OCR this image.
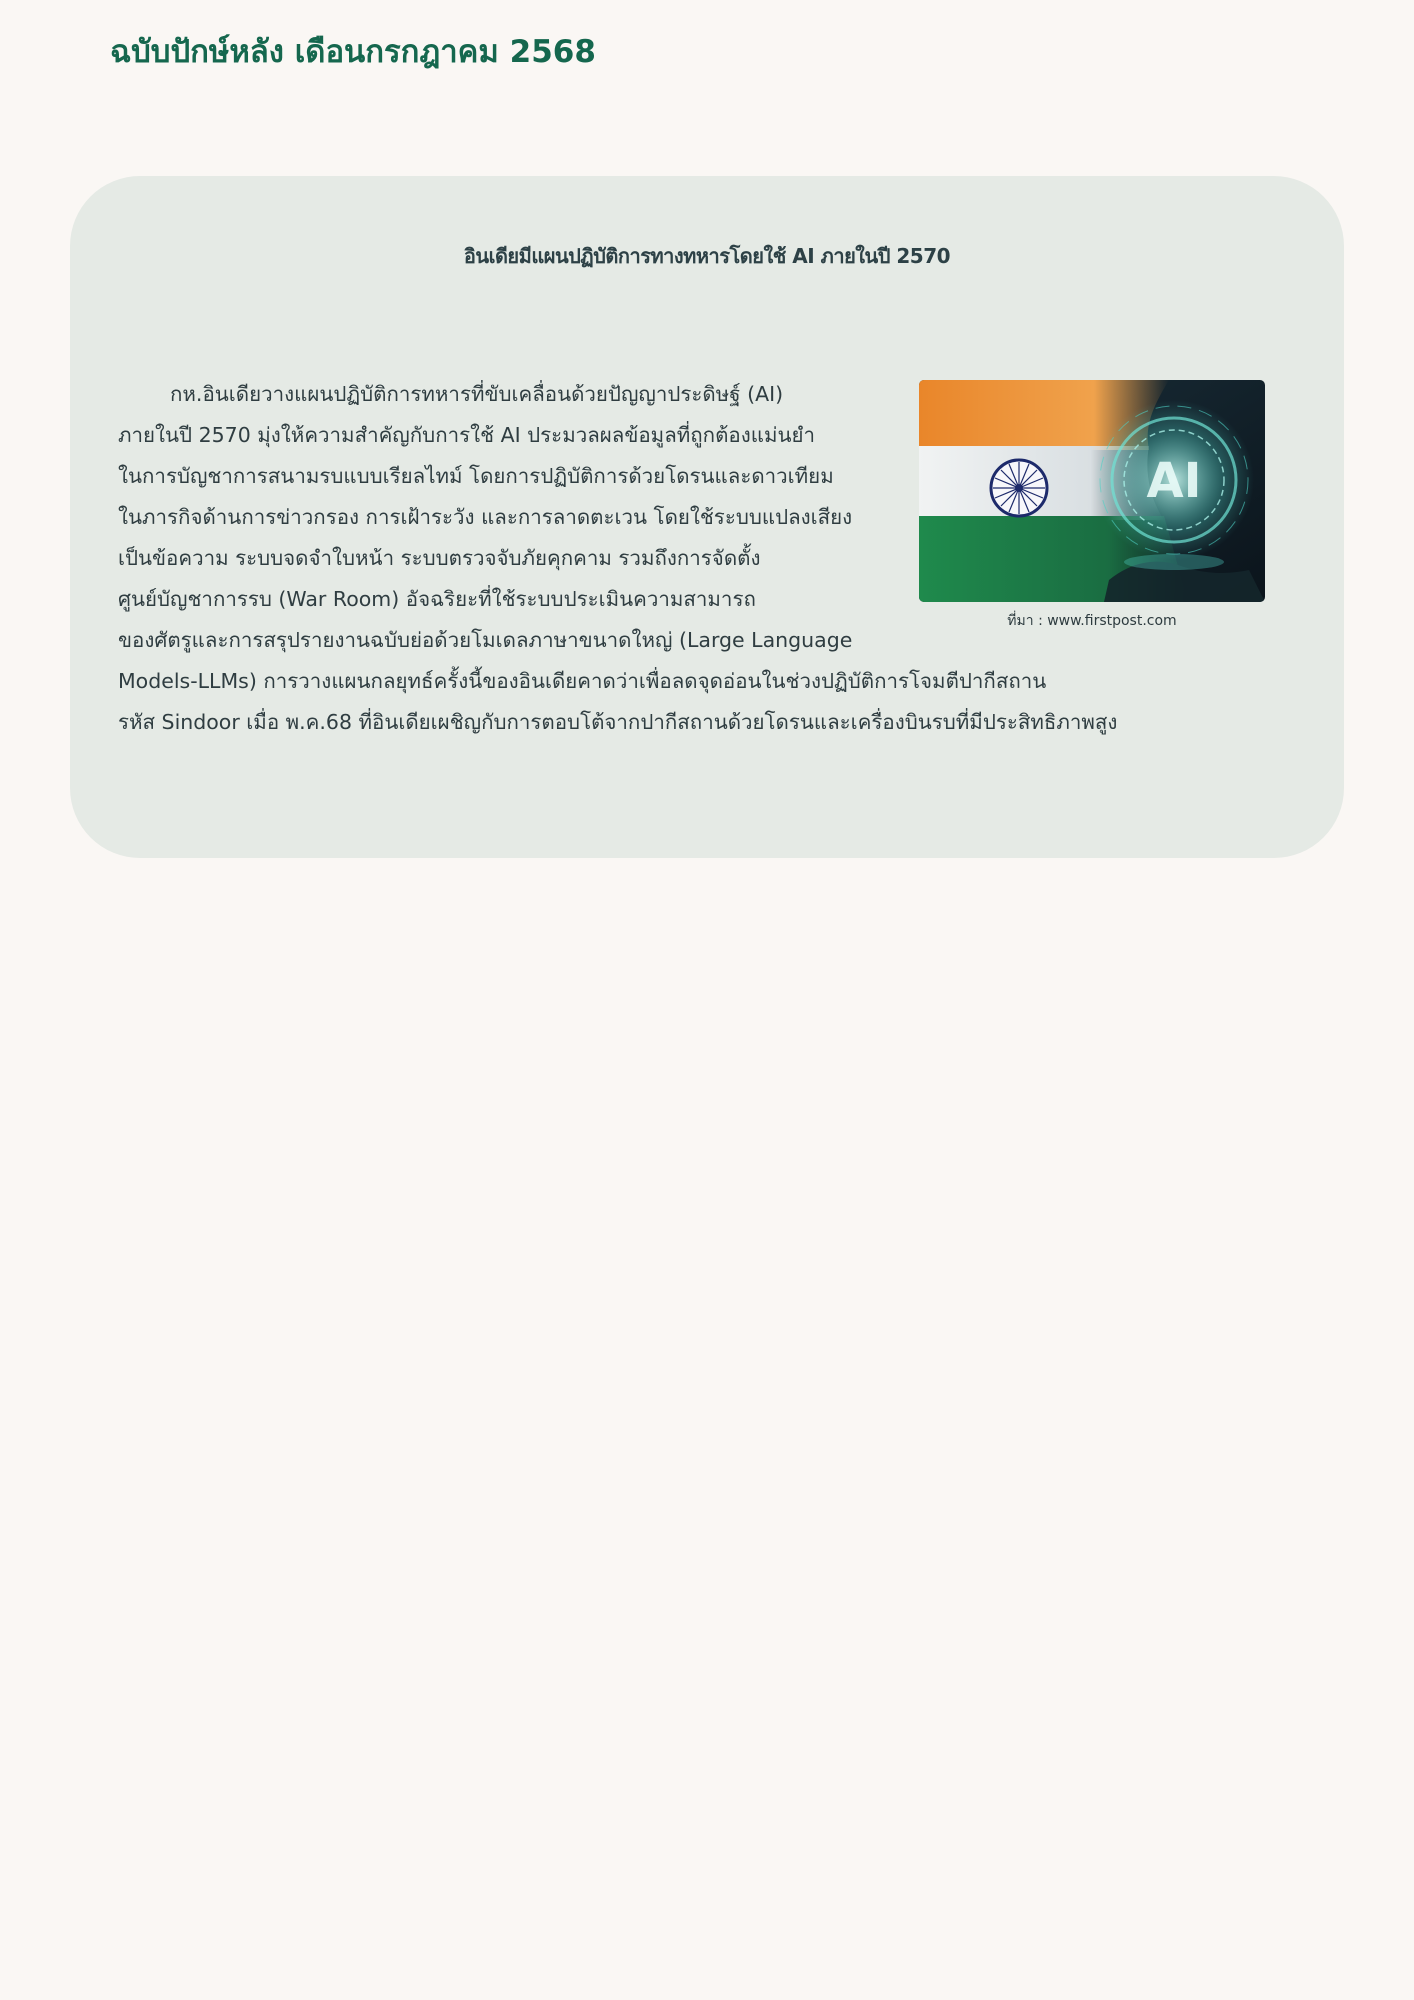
ฉบับปักษ์หลัง เดือนกรกฎาคม 2568
อินเดียมีแผนปฏิบัติการทางทหารโดยใช้ AI ภายในปี 2570
AI
ที่มา : www.firstpost.com
กห.อินเดียวางแผนปฏิบัติการทหารที่ขับเคลื่อนด้วยปัญญาประดิษฐ์ (AI)
ภายในปี 2570 มุ่งให้ความสำคัญกับการใช้ AI ประมวลผลข้อมูลที่ถูกต้องแม่นยำ
ในการบัญชาการสนามรบแบบเรียลไทม์ โดยการปฏิบัติการด้วยโดรนและดาวเทียม
ในภารกิจด้านการข่าวกรอง การเฝ้าระวัง และการลาดตะเวน โดยใช้ระบบแปลงเสียง
เป็นข้อความ ระบบจดจำใบหน้า ระบบตรวจจับภัยคุกคาม รวมถึงการจัดตั้ง
ศูนย์บัญชาการรบ (War Room) อัจฉริยะที่ใช้ระบบประเมินความสามารถ
ของศัตรูและการสรุปรายงานฉบับย่อด้วยโมเดลภาษาขนาดใหญ่ (Large Language
Models-LLMs) การวางแผนกลยุทธ์ครั้งนี้ของอินเดียคาดว่าเพื่อลดจุดอ่อนในช่วงปฏิบัติการโจมตีปากีสถาน
รหัส Sindoor เมื่อ พ.ค.68 ที่อินเดียเผชิญกับการตอบโต้จากปากีสถานด้วยโดรนและเครื่องบินรบที่มีประสิทธิภาพสูง
